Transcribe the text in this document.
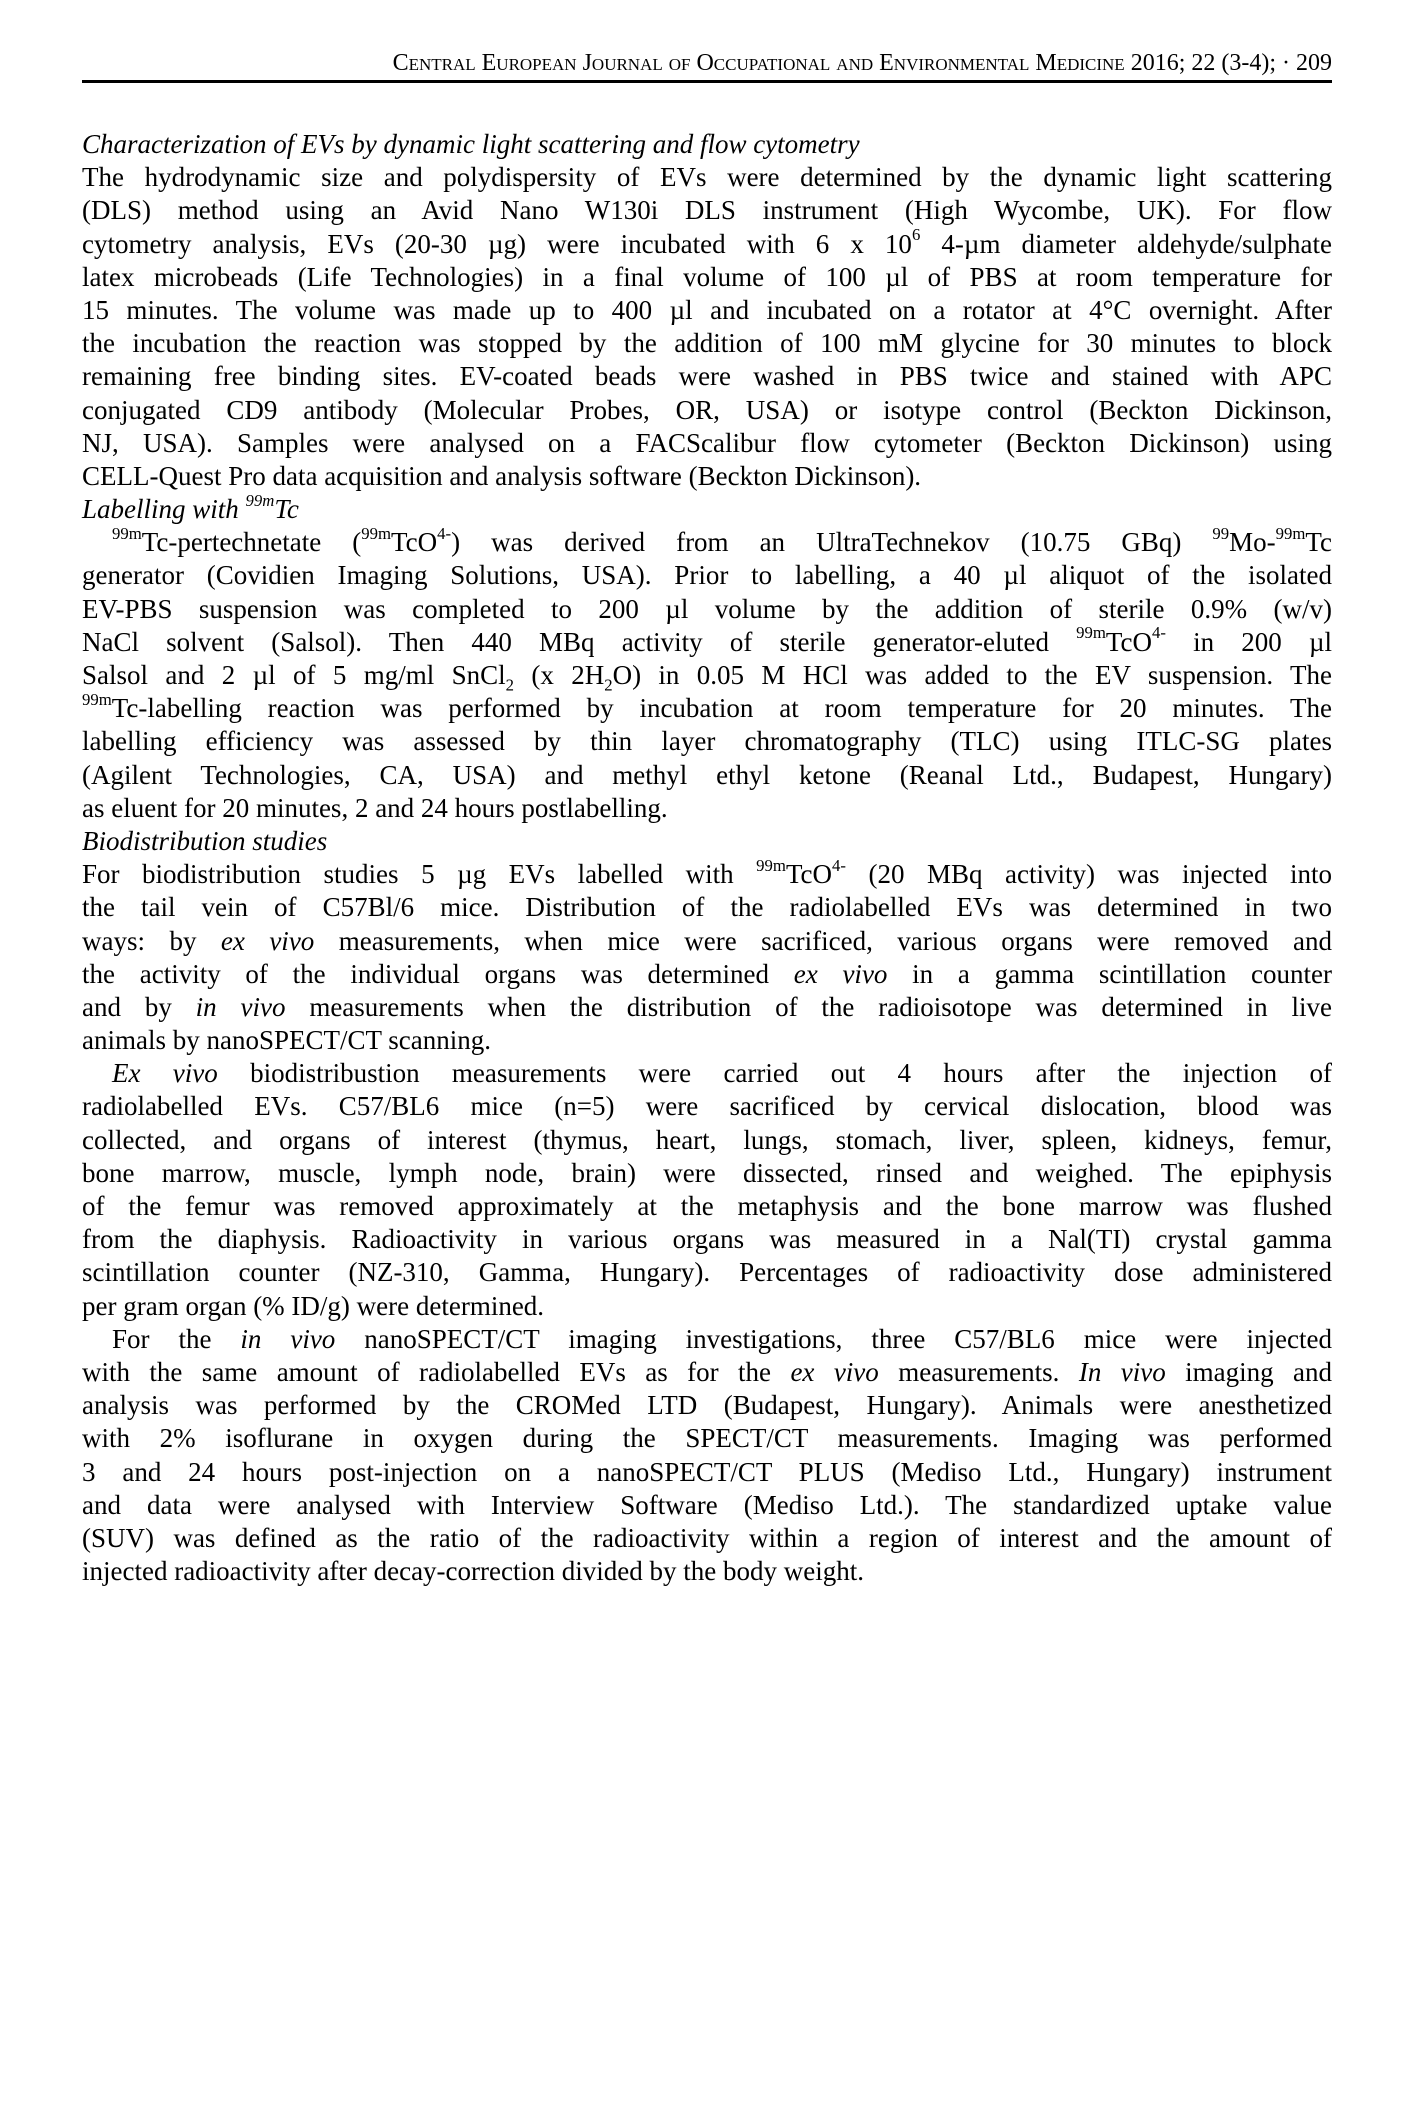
Central European Journal of Occupational and Environmental Medicine 2016; 22 (3-4); · 209
Characterization of EVs by dynamic light scattering and flow cytometry
The hydrodynamic size and polydispersity of EVs were determined by the dynamic light scattering
(DLS) method using an Avid Nano W130i DLS instrument (High Wycombe, UK). For flow
cytometry analysis, EVs (20-30 µg) were incubated with 6 x $10^6$ 4-µm diameter aldehyde/sulphate
latex microbeads (Life Technologies) in a final volume of 100 µl of PBS at room temperature for
15 minutes. The volume was made up to 400 µl and incubated on a rotator at 4°C overnight. After
the incubation the reaction was stopped by the addition of 100 mM glycine for 30 minutes to block
remaining free binding sites. EV-coated beads were washed in PBS twice and stained with APC
conjugated CD9 antibody (Molecular Probes, OR, USA) or isotype control (Beckton Dickinson,
NJ, USA). Samples were analysed on a FACScalibur flow cytometer (Beckton Dickinson) using
CELL-Quest Pro data acquisition and analysis software (Beckton Dickinson).
Labelling with $^{99m}$Tc
$^{99m}$Tc-pertechnetate ($^{99m}$TcO$^{4-}$) was derived from an UltraTechnekov (10.75 GBq) $^{99}$Mo-$^{99m}$Tc
generator (Covidien Imaging Solutions, USA). Prior to labelling, a 40 µl aliquot of the isolated
EV-PBS suspension was completed to 200 µl volume by the addition of sterile 0.9% (w/v)
NaCl solvent (Salsol). Then 440 MBq activity of sterile generator-eluted $^{99m}$TcO$^{4-}$ in 200 µl
Salsol and 2 µl of 5 mg/ml SnCl$_2$ (x $2H_2O$) in 0.05 M HCl was added to the EV suspension. The
$^{99m}$Tc-labelling reaction was performed by incubation at room temperature for 20 minutes. The
labelling efficiency was assessed by thin layer chromatography (TLC) using ITLC-SG plates
(Agilent Technologies, CA, USA) and methyl ethyl ketone (Reanal Ltd., Budapest, Hungary)
as eluent for 20 minutes, 2 and 24 hours postlabelling.
Biodistribution studies
For biodistribution studies 5 µg EVs labelled with $^{99m}$TcO$^{4-}$ (20 MBq activity) was injected into
the tail vein of C57Bl/6 mice. Distribution of the radiolabelled EVs was determined in two
ways: by ex vivo measurements, when mice were sacrificed, various organs were removed and
the activity of the individual organs was determined ex vivo in a gamma scintillation counter
and by in vivo measurements when the distribution of the radioisotope was determined in live
animals by nanoSPECT/CT scanning.
Ex vivo biodistribustion measurements were carried out 4 hours after the injection of
radiolabelled EVs. C57/BL6 mice (n=5) were sacrificed by cervical dislocation, blood was
collected, and organs of interest (thymus, heart, lungs, stomach, liver, spleen, kidneys, femur,
bone marrow, muscle, lymph node, brain) were dissected, rinsed and weighed. The epiphysis
of the femur was removed approximately at the metaphysis and the bone marrow was flushed
from the diaphysis. Radioactivity in various organs was measured in a Nal(TI) crystal gamma
scintillation counter (NZ-310, Gamma, Hungary). Percentages of radioactivity dose administered
per gram organ (% ID/g) were determined.
For the in vivo nanoSPECT/CT imaging investigations, three C57/BL6 mice were injected
with the same amount of radiolabelled EVs as for the ex vivo measurements. In vivo imaging and
analysis was performed by the CROMed LTD (Budapest, Hungary). Animals were anesthetized
with 2% isoflurane in oxygen during the SPECT/CT measurements. Imaging was performed
3 and 24 hours post-injection on a nanoSPECT/CT PLUS (Mediso Ltd., Hungary) instrument
and data were analysed with Interview Software (Mediso Ltd.). The standardized uptake value
(SUV) was defined as the ratio of the radioactivity within a region of interest and the amount of
injected radioactivity after decay-correction divided by the body weight.
